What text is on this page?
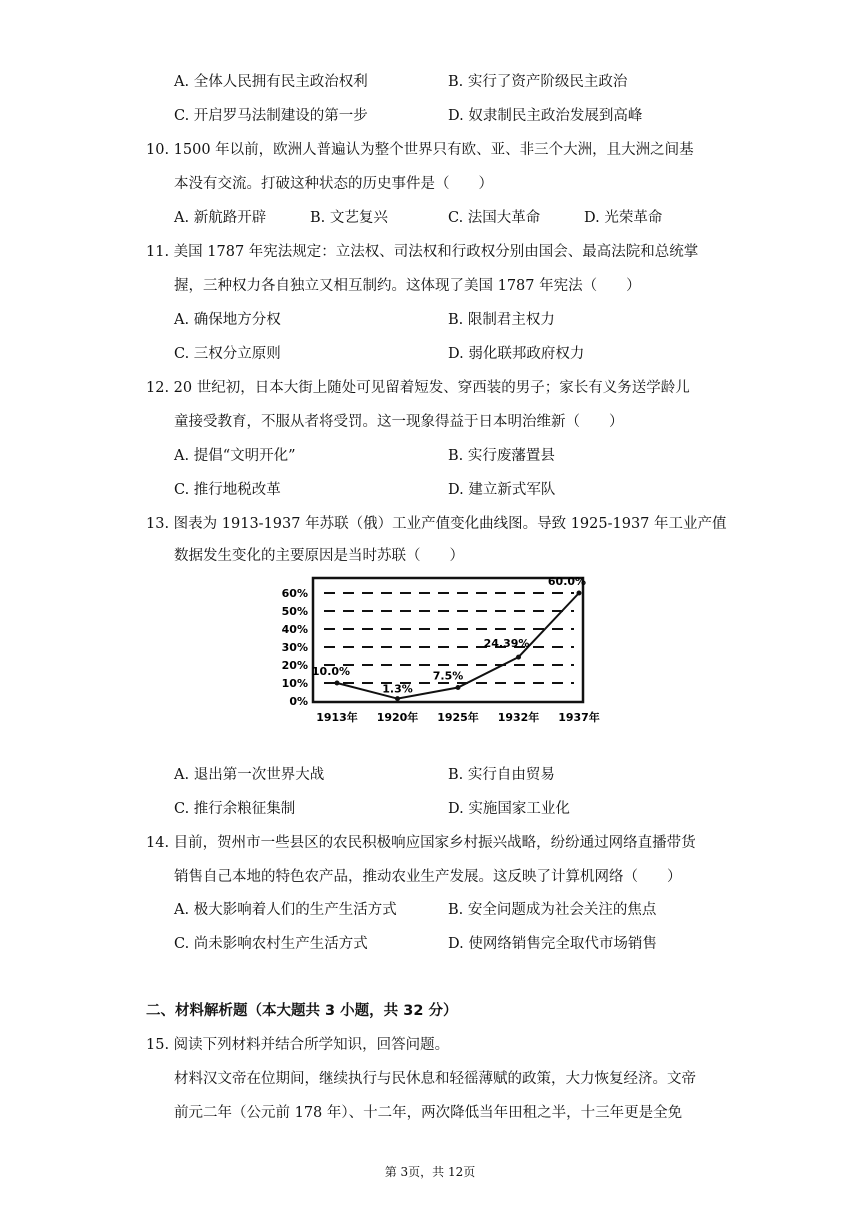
A. 全体人民拥有民主政治权利	B. 实行了资产阶级民主政治
C. 开启罗马法制建设的第一步	D. 奴隶制民主政治发展到高峰
10. 1500 年以前，欧洲人普遍认为整个世界只有欧、亚、非三个大洲，且大洲之间基
本没有交流。打破这种状态的历史事件是（　　）
A. 新航路开辟	B. 文艺复兴	C. 法国大革命	D. 光荣革命
11. 美国 1787 年宪法规定：立法权、司法权和行政权分别由国会、最高法院和总统掌
握，三种权力各自独立又相互制约。这体现了美国 1787 年宪法（　　）
A. 确保地方分权	B. 限制君主权力
C. 三权分立原则	D. 弱化联邦政府权力
12. 20 世纪初，日本大街上随处可见留着短发、穿西装的男子；家长有义务送学龄儿
童接受教育，不服从者将受罚。这一现象得益于日本明治维新（　　）
A. 提倡“文明开化”	B. 实行废藩置县
C. 推行地税改革	D. 建立新式军队
13. 图表为 1913-1937 年苏联（俄）工业产值变化曲线图。导致 1925-1937 年工业产值
数据发生变化的主要原因是当时苏联（　　）
0%
10%
20%
30%
40%
50%
60%
1913年 1920年 1925年 1932年 1937年
10.0%
1.3%
7.5%
24.39%
60.0%
A. 退出第一次世界大战	B. 实行自由贸易
C. 推行余粮征集制	D. 实施国家工业化
14. 目前，贺州市一些县区的农民积极响应国家乡村振兴战略，纷纷通过网络直播带货
销售自己本地的特色农产品，推动农业生产发展。这反映了计算机网络（　　）
A. 极大影响着人们的生产生活方式	B. 安全问题成为社会关注的焦点
C. 尚未影响农村生产生活方式	D. 使网络销售完全取代市场销售
二、材料解析题（本大题共 3 小题，共 32 分）
15. 阅读下列材料并结合所学知识，回答问题。
材料汉文帝在位期间，继续执行与民休息和轻徭薄赋的政策，大力恢复经济。文帝
前元二年（公元前 178 年）、十二年，两次降低当年田租之半，十三年更是全免
第 3页，共 12页
